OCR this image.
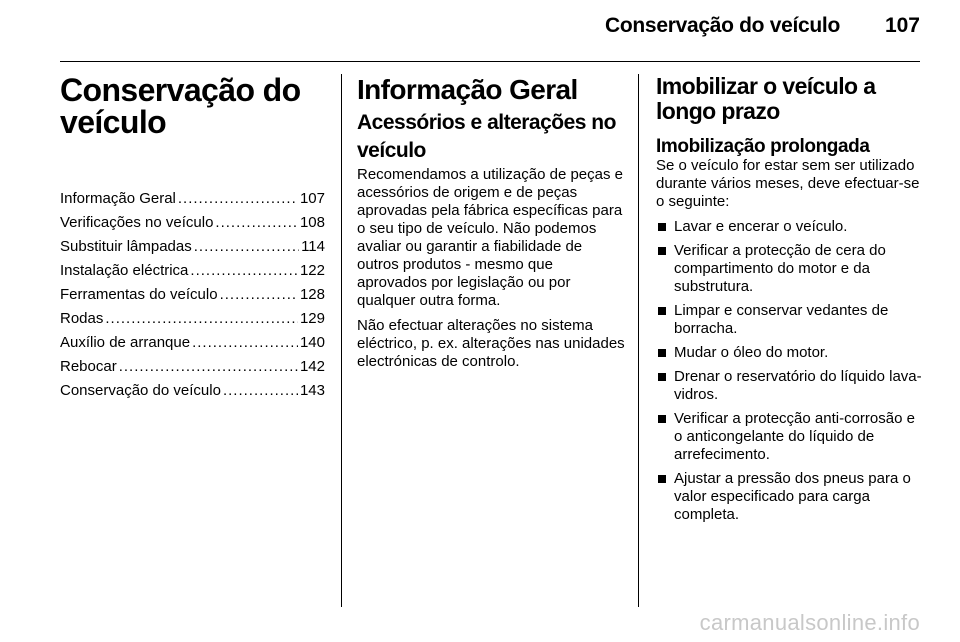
Conservação do veículo 107
Conservação do veículo
Informação Geral .....	107
Verificações no veículo .....	108
Substituir lâmpadas .....	114
Instalação eléctrica .....	122
Ferramentas do veículo .....	128
Rodas .....	129
Auxílio de arranque .....	140
Rebocar .....	142
Conservação do veículo .....	143
Informação Geral
Acessórios e alterações no veículo

Recomendamos a utilização de peças e acessórios de origem e de peças aprovadas pela fábrica específicas para o seu tipo de veículo. Não podemos avaliar ou garantir a fiabilidade de outros produtos - mesmo que aprovados por legislação ou por qualquer outra forma.

Não efectuar alterações no sistema eléctrico, p. ex. alterações nas unidades electrónicas de controlo.

Imobilizar o veículo a longo prazo
Imobilização prolongada

Se o veículo for estar sem ser utilizado durante vários meses, deve efectuar-se o seguinte:

Lavar e encerar o veículo.
Verificar a protecção de cera do compartimento do motor e da substrutura.
Limpar e conservar vedantes de borracha.
Mudar o óleo do motor.
Drenar o reservatório do líquido lava-vidros.
Verificar a protecção anti-corrosão e o anticongelante do líquido de arrefecimento.
Ajustar a pressão dos pneus para o valor especificado para carga completa.
carmanualsonline.info
